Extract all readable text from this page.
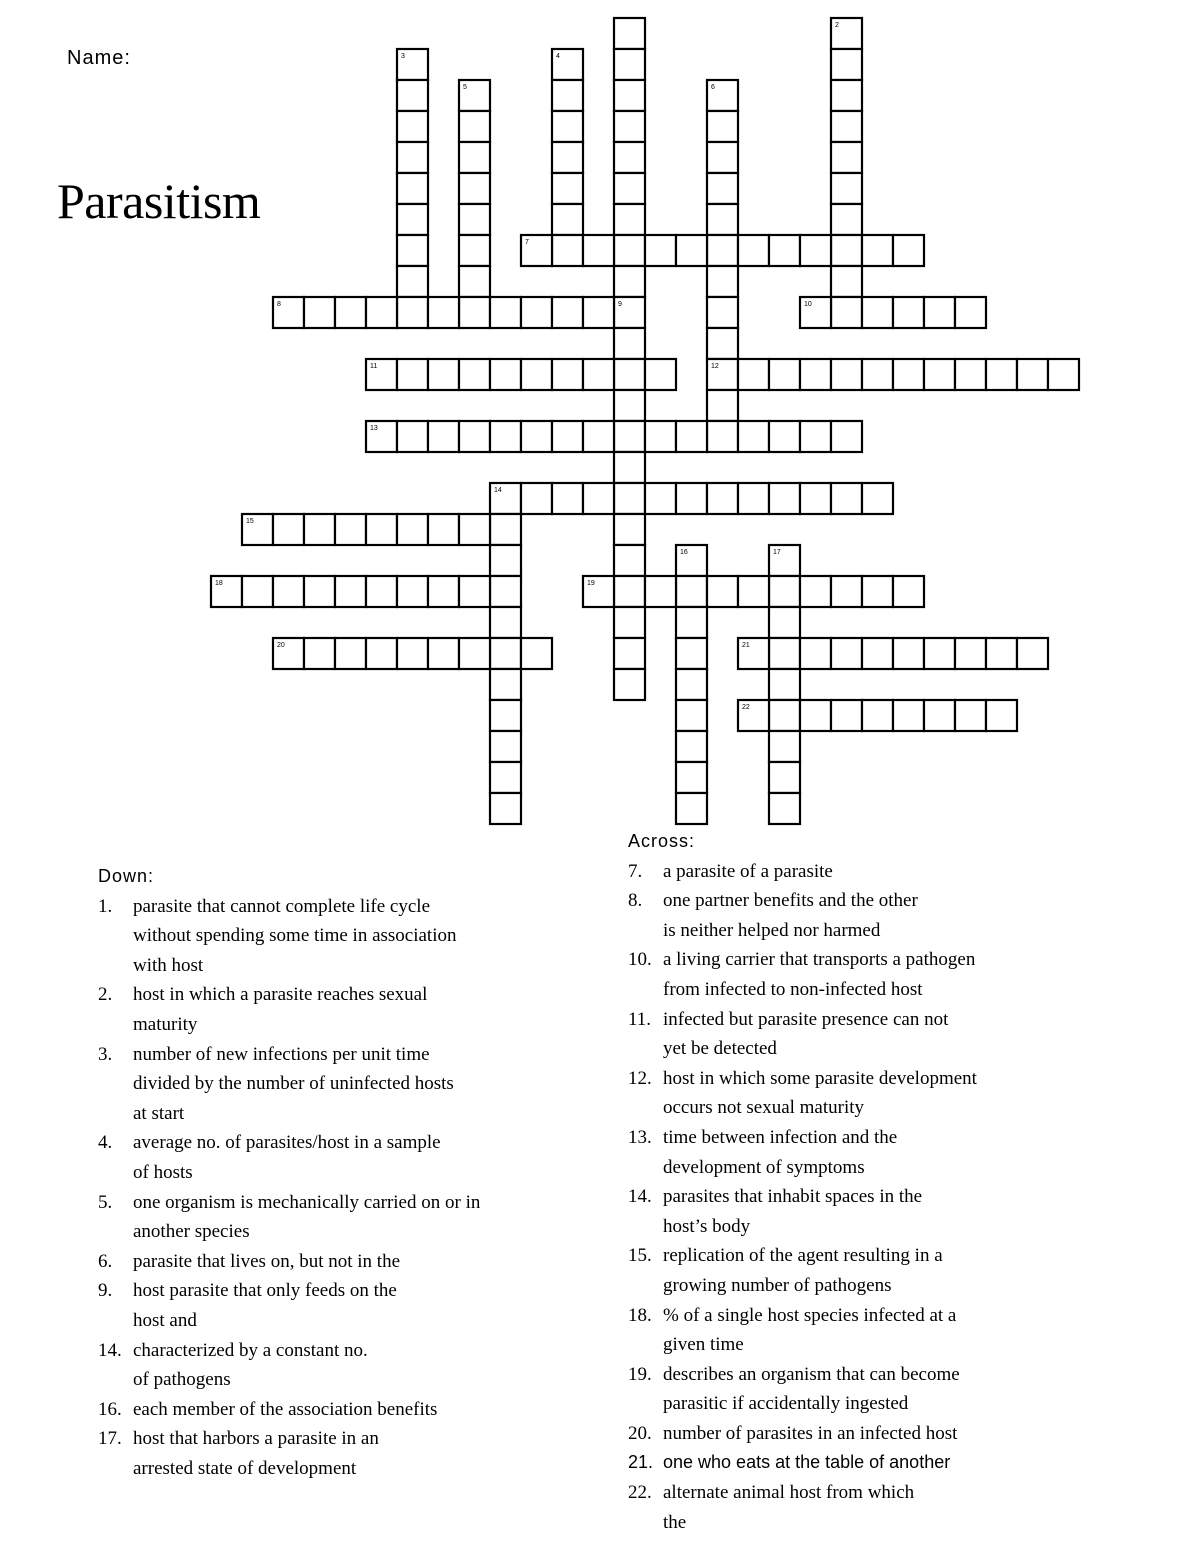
Name:
Parasitism
2
3	4
5	6
7
8	9	10
11	12
13
14
15
16	17
18	19
20	21
22
Down:
1. parasite that cannot complete life cycle
without spending some time in association
with host
2. host in which a parasite reaches sexual
maturity
3. number of new infections per unit time
divided by the number of uninfected hosts
at start
4. average no. of parasites/host in a sample
of hosts
5. one organism is mechanically carried on or in
another species
6. parasite that lives on, but not in the
9. host parasite that only feeds on the
host and
14. characterized by a constant no.
of pathogens
16. each member of the association benefits
17. host that harbors a parasite in an
arrested state of development
Across:
7. a parasite of a parasite
8. one partner benefits and the other
is neither helped nor harmed
10. a living carrier that transports a pathogen
from infected to non-infected host
11. infected but parasite presence can not
yet be detected
12. host in which some parasite development
occurs not sexual maturity
13. time between infection and the
development of symptoms
14. parasites that inhabit spaces in the
host’s body
15. replication of the agent resulting in a
growing number of pathogens
18. % of a single host species infected at a
given time
19. describes an organism that can become
parasitic if accidentally ingested
20. number of parasites in an infected host
21. one who eats at the table of another
22. alternate animal host from which
the
